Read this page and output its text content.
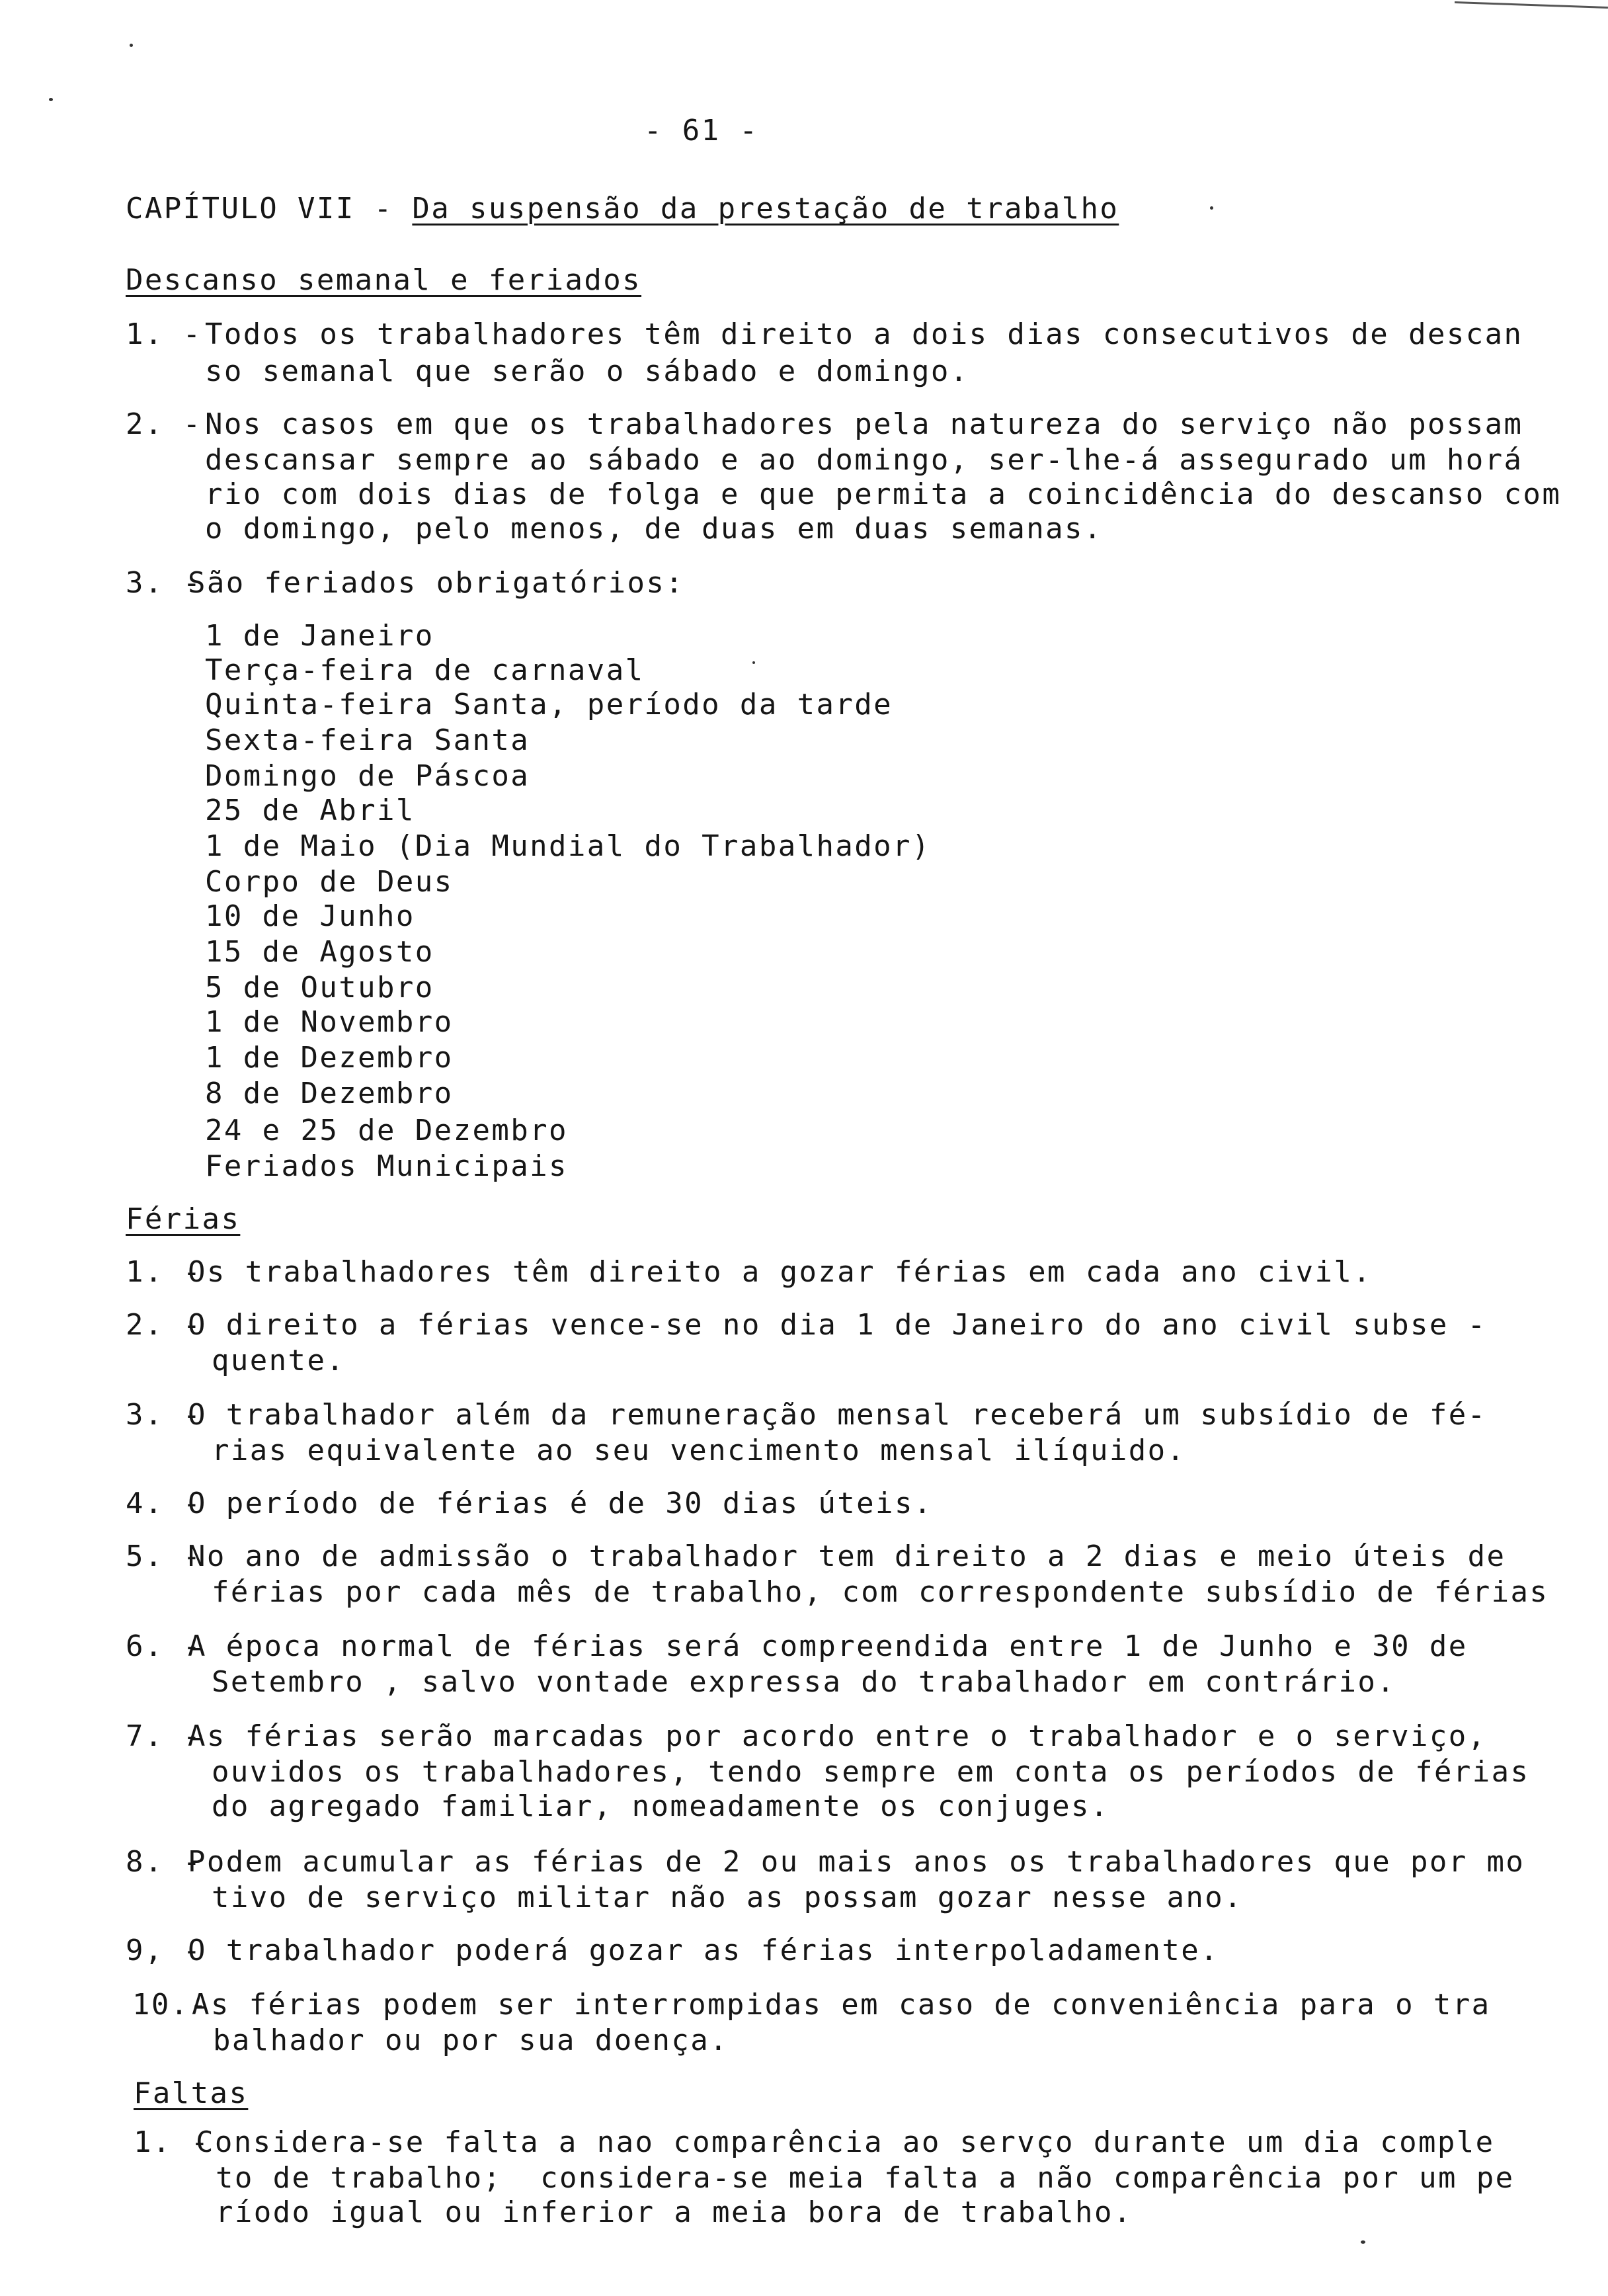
- 61 -
CAPÍTULO VII - Da suspensão da prestação de trabalho
Descanso semanal e feriados
1. - Todos os trabalhadores têm direito a dois dias consecutivos de descan
so semanal que serão o sábado e domingo.
2. - Nos casos em que os trabalhadores pela natureza do serviço não possam
descansar sempre ao sábado e ao domingo, ser-lhe-á assegurado um horá
rio com dois dias de folga e que permita a coincidência do descanso com
o domingo, pelo menos, de duas em duas semanas.
3. -
São feriados obrigatórios:
1 de Janeiro
Terça-feira de carnaval
Quinta-feira Santa, período da tarde
Sexta-feira Santa
Domingo de Páscoa
25 de Abril
1 de Maio (Dia Mundial do Trabalhador)
Corpo de Deus
10 de Junho
15 de Agosto
5 de Outubro
1 de Novembro
1 de Dezembro
8 de Dezembro
24 e 25 de Dezembro
Feriados Municipais
Férias
1. -
Os trabalhadores têm direito a gozar férias em cada ano civil.
2. -
O direito a férias vence-se no dia 1 de Janeiro do ano civil subse -
quente.
3. -
O trabalhador além da remuneração mensal receberá um subsídio de fé-
rias equivalente ao seu vencimento mensal ilíquido.
4. -
O período de férias é de 30 dias úteis.
5. -
No ano de admissão o trabalhador tem direito a 2 dias e meio úteis de
férias por cada mês de trabalho, com correspondente subsídio de férias
6. -
A época normal de férias será compreendida entre 1 de Junho e 30 de
Setembro , salvo vontade expressa do trabalhador em contrário.
7. -
As férias serão marcadas por acordo entre o trabalhador e o serviço,
ouvidos os trabalhadores, tendo sempre em conta os períodos de férias
do agregado familiar, nomeadamente os conjuges.
8. -
Podem acumular as férias de 2 ou mais anos os trabalhadores que por mo
tivo de serviço militar não as possam gozar nesse ano.
9, -
O trabalhador poderá gozar as férias interpoladamente.
10.-
As férias podem ser interrompidas em caso de conveniência para o tra
balhador ou por sua doença.
Faltas
1. -
Considera-se falta a nao comparência ao servço durante um dia comple
to de trabalho;  considera-se meia falta a não comparência por um pe
ríodo igual ou inferior a meia bora de trabalho.
